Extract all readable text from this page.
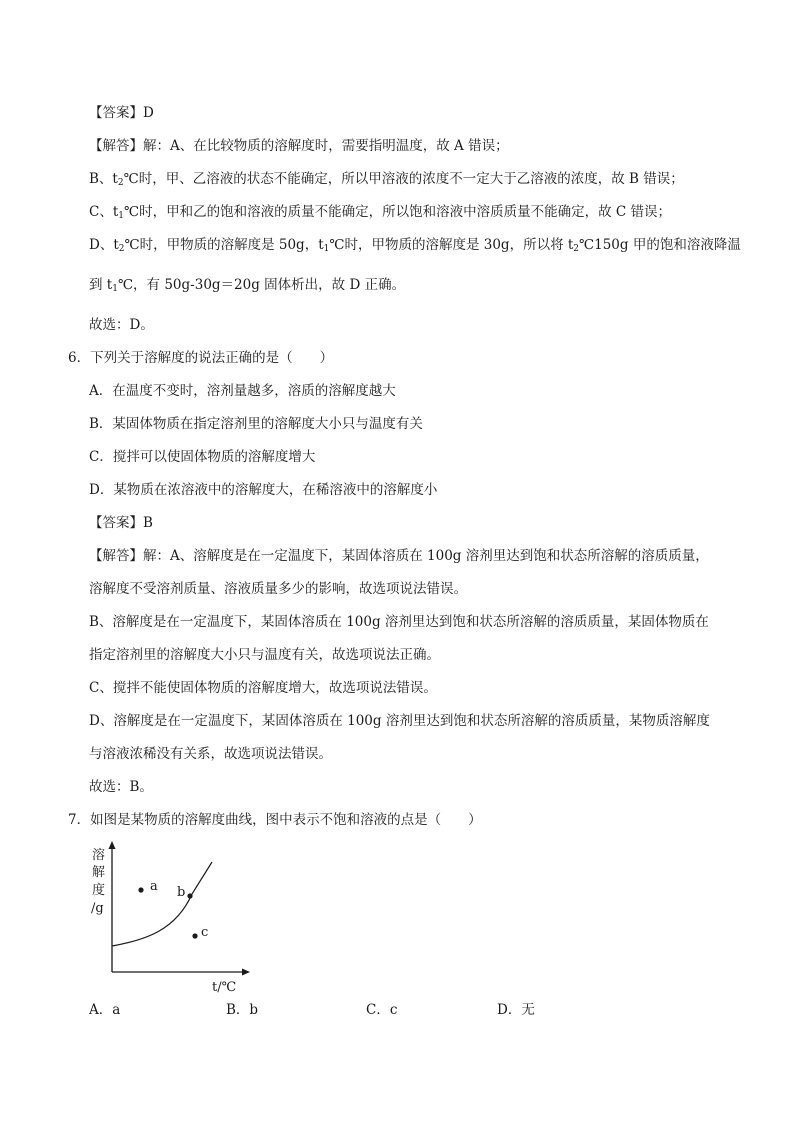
【答案】D
【解答】解：A、在比较物质的溶解度时，需要指明温度，故 A 错误；
B、$t_2℃$时，甲、乙溶液的状态不能确定，所以甲溶液的浓度不一定大于乙溶液的浓度，故 B 错误；
C、$t_1℃$时，甲和乙的饱和溶液的质量不能确定，所以饱和溶液中溶质质量不能确定，故 C 错误；
D、$t_2℃$时，甲物质的溶解度是 50g，$t_1℃$时，甲物质的溶解度是 30g，所以将 $t_2℃150g$ 甲的饱和溶液降温
到 $t_1℃$，有 50g-30g＝20g 固体析出，故 D 正确。
故选：D。
6．下列关于溶解度的说法正确的是（　　）
A．在温度不变时，溶剂量越多，溶质的溶解度越大
B．某固体物质在指定溶剂里的溶解度大小只与温度有关
C．搅拌可以使固体物质的溶解度增大
D．某物质在浓溶液中的溶解度大，在稀溶液中的溶解度小
【答案】B
【解答】解：A、溶解度是在一定温度下，某固体溶质在 100g 溶剂里达到饱和状态所溶解的溶质质量，
溶解度不受溶剂质量、溶液质量多少的影响，故选项说法错误。
B、溶解度是在一定温度下，某固体溶质在 100g 溶剂里达到饱和状态所溶解的溶质质量，某固体物质在
指定溶剂里的溶解度大小只与温度有关，故选项说法正确。
C、搅拌不能使固体物质的溶解度增大，故选项说法错误。
D、溶解度是在一定温度下，某固体溶质在 100g 溶剂里达到饱和状态所溶解的溶质质量，某物质溶解度
与溶液浓稀没有关系，故选项说法错误。
故选：B。
7．如图是某物质的溶解度曲线，图中表示不饱和溶液的点是（　　）
溶
解
度
/g
t/℃
a b
c
A．a	B．b	C．c	D．无
